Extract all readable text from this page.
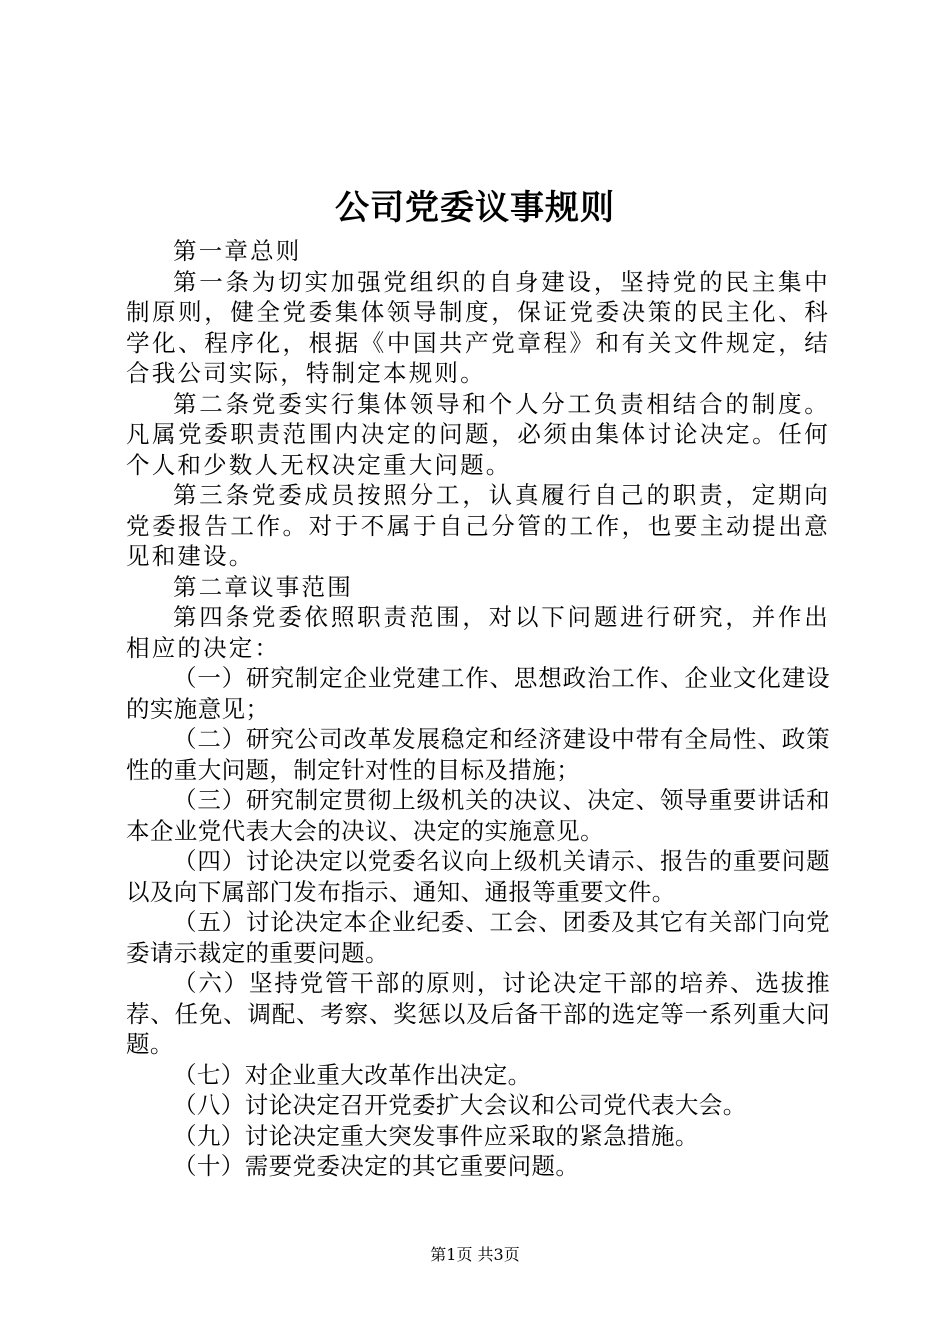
公司党委议事规则

第一章总则

第一条为切实加强党组织的自身建设，坚持党的民主集中制原则，健全党委集体领导制度，保证党委决策的民主化、科学化、程序化，根据《中国共产党章程》和有关文件规定，结合我公司实际，特制定本规则。

第二条党委实行集体领导和个人分工负责相结合的制度。凡属党委职责范围内决定的问题，必须由集体讨论决定。任何个人和少数人无权决定重大问题。

第三条党委成员按照分工，认真履行自己的职责，定期向党委报告工作。对于不属于自己分管的工作，也要主动提出意见和建设。

第二章议事范围

第四条党委依照职责范围，对以下问题进行研究，并作出相应的决定：

（一）研究制定企业党建工作、思想政治工作、企业文化建设的实施意见；

（二）研究公司改革发展稳定和经济建设中带有全局性、政策性的重大问题，制定针对性的目标及措施；

（三）研究制定贯彻上级机关的决议、决定、领导重要讲话和本企业党代表大会的决议、决定的实施意见。

（四）讨论决定以党委名议向上级机关请示、报告的重要问题以及向下属部门发布指示、通知、通报等重要文件。

（五）讨论决定本企业纪委、工会、团委及其它有关部门向党委请示裁定的重要问题。

（六）坚持党管干部的原则，讨论决定干部的培养、选拔推荐、任免、调配、考察、奖惩以及后备干部的选定等一系列重大问题。

（七）对企业重大改革作出决定。

（八）讨论决定召开党委扩大会议和公司党代表大会。

（九）讨论决定重大突发事件应采取的紧急措施。

（十）需要党委决定的其它重要问题。

第1页 共3页
